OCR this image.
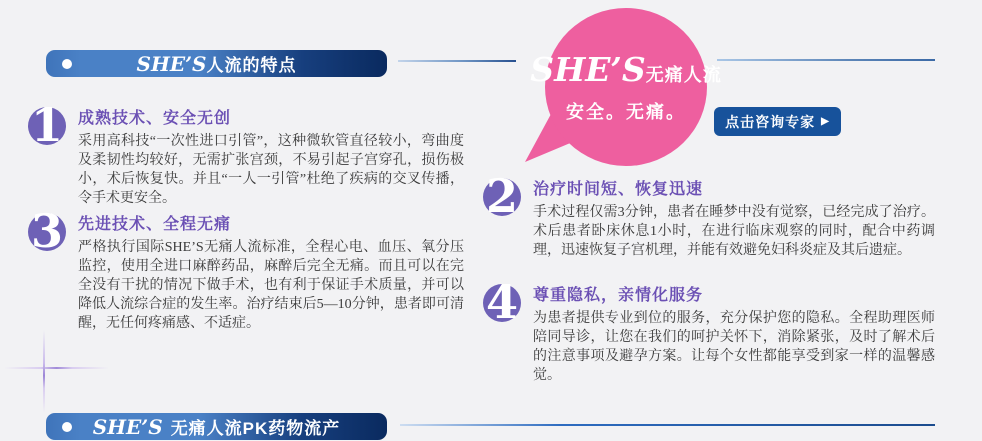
SHE’S 人流的特点	SHE’S 无痛人流
安全。无痛。	点击咨询专家 ▶
1 成熟技术、安全无创

采用高科技“一次性进口引管”，这种微软管直径较小，弯曲度及柔韧性均较好，无需扩张宫颈，不易引起子宫穿孔，损伤极小，术后恢复快。并且“一人一引管”杜绝了疾病的交叉传播，令手术更安全。

3 先进技术、全程无痛

严格执行国际SHE’S无痛人流标准，全程心电、血压、氧分压监控，使用全进口麻醉药品，麻醉后完全无痛。而且可以在完全没有干扰的情况下做手术，也有利于保证手术质量，并可以降低人流综合症的发生率。治疗结束后5—10分钟，患者即可清醒，无任何疼痛感、不适症。

2 治疗时间短、恢复迅速

手术过程仅需3分钟，患者在睡梦中没有觉察，已经完成了治疗。术后患者卧床休息1小时，在进行临床观察的同时，配合中药调理，迅速恢复子宫机理，并能有效避免妇科炎症及其后遗症。

4 尊重隐私，亲情化服务

为患者提供专业到位的服务，充分保护您的隐私。全程助理医师陪同导诊，让您在我们的呵护关怀下，消除紧张，及时了解术后的注意事项及避孕方案。让每个女性都能享受到家一样的温馨感觉。

SHE’S 无痛人流PK药物流产
